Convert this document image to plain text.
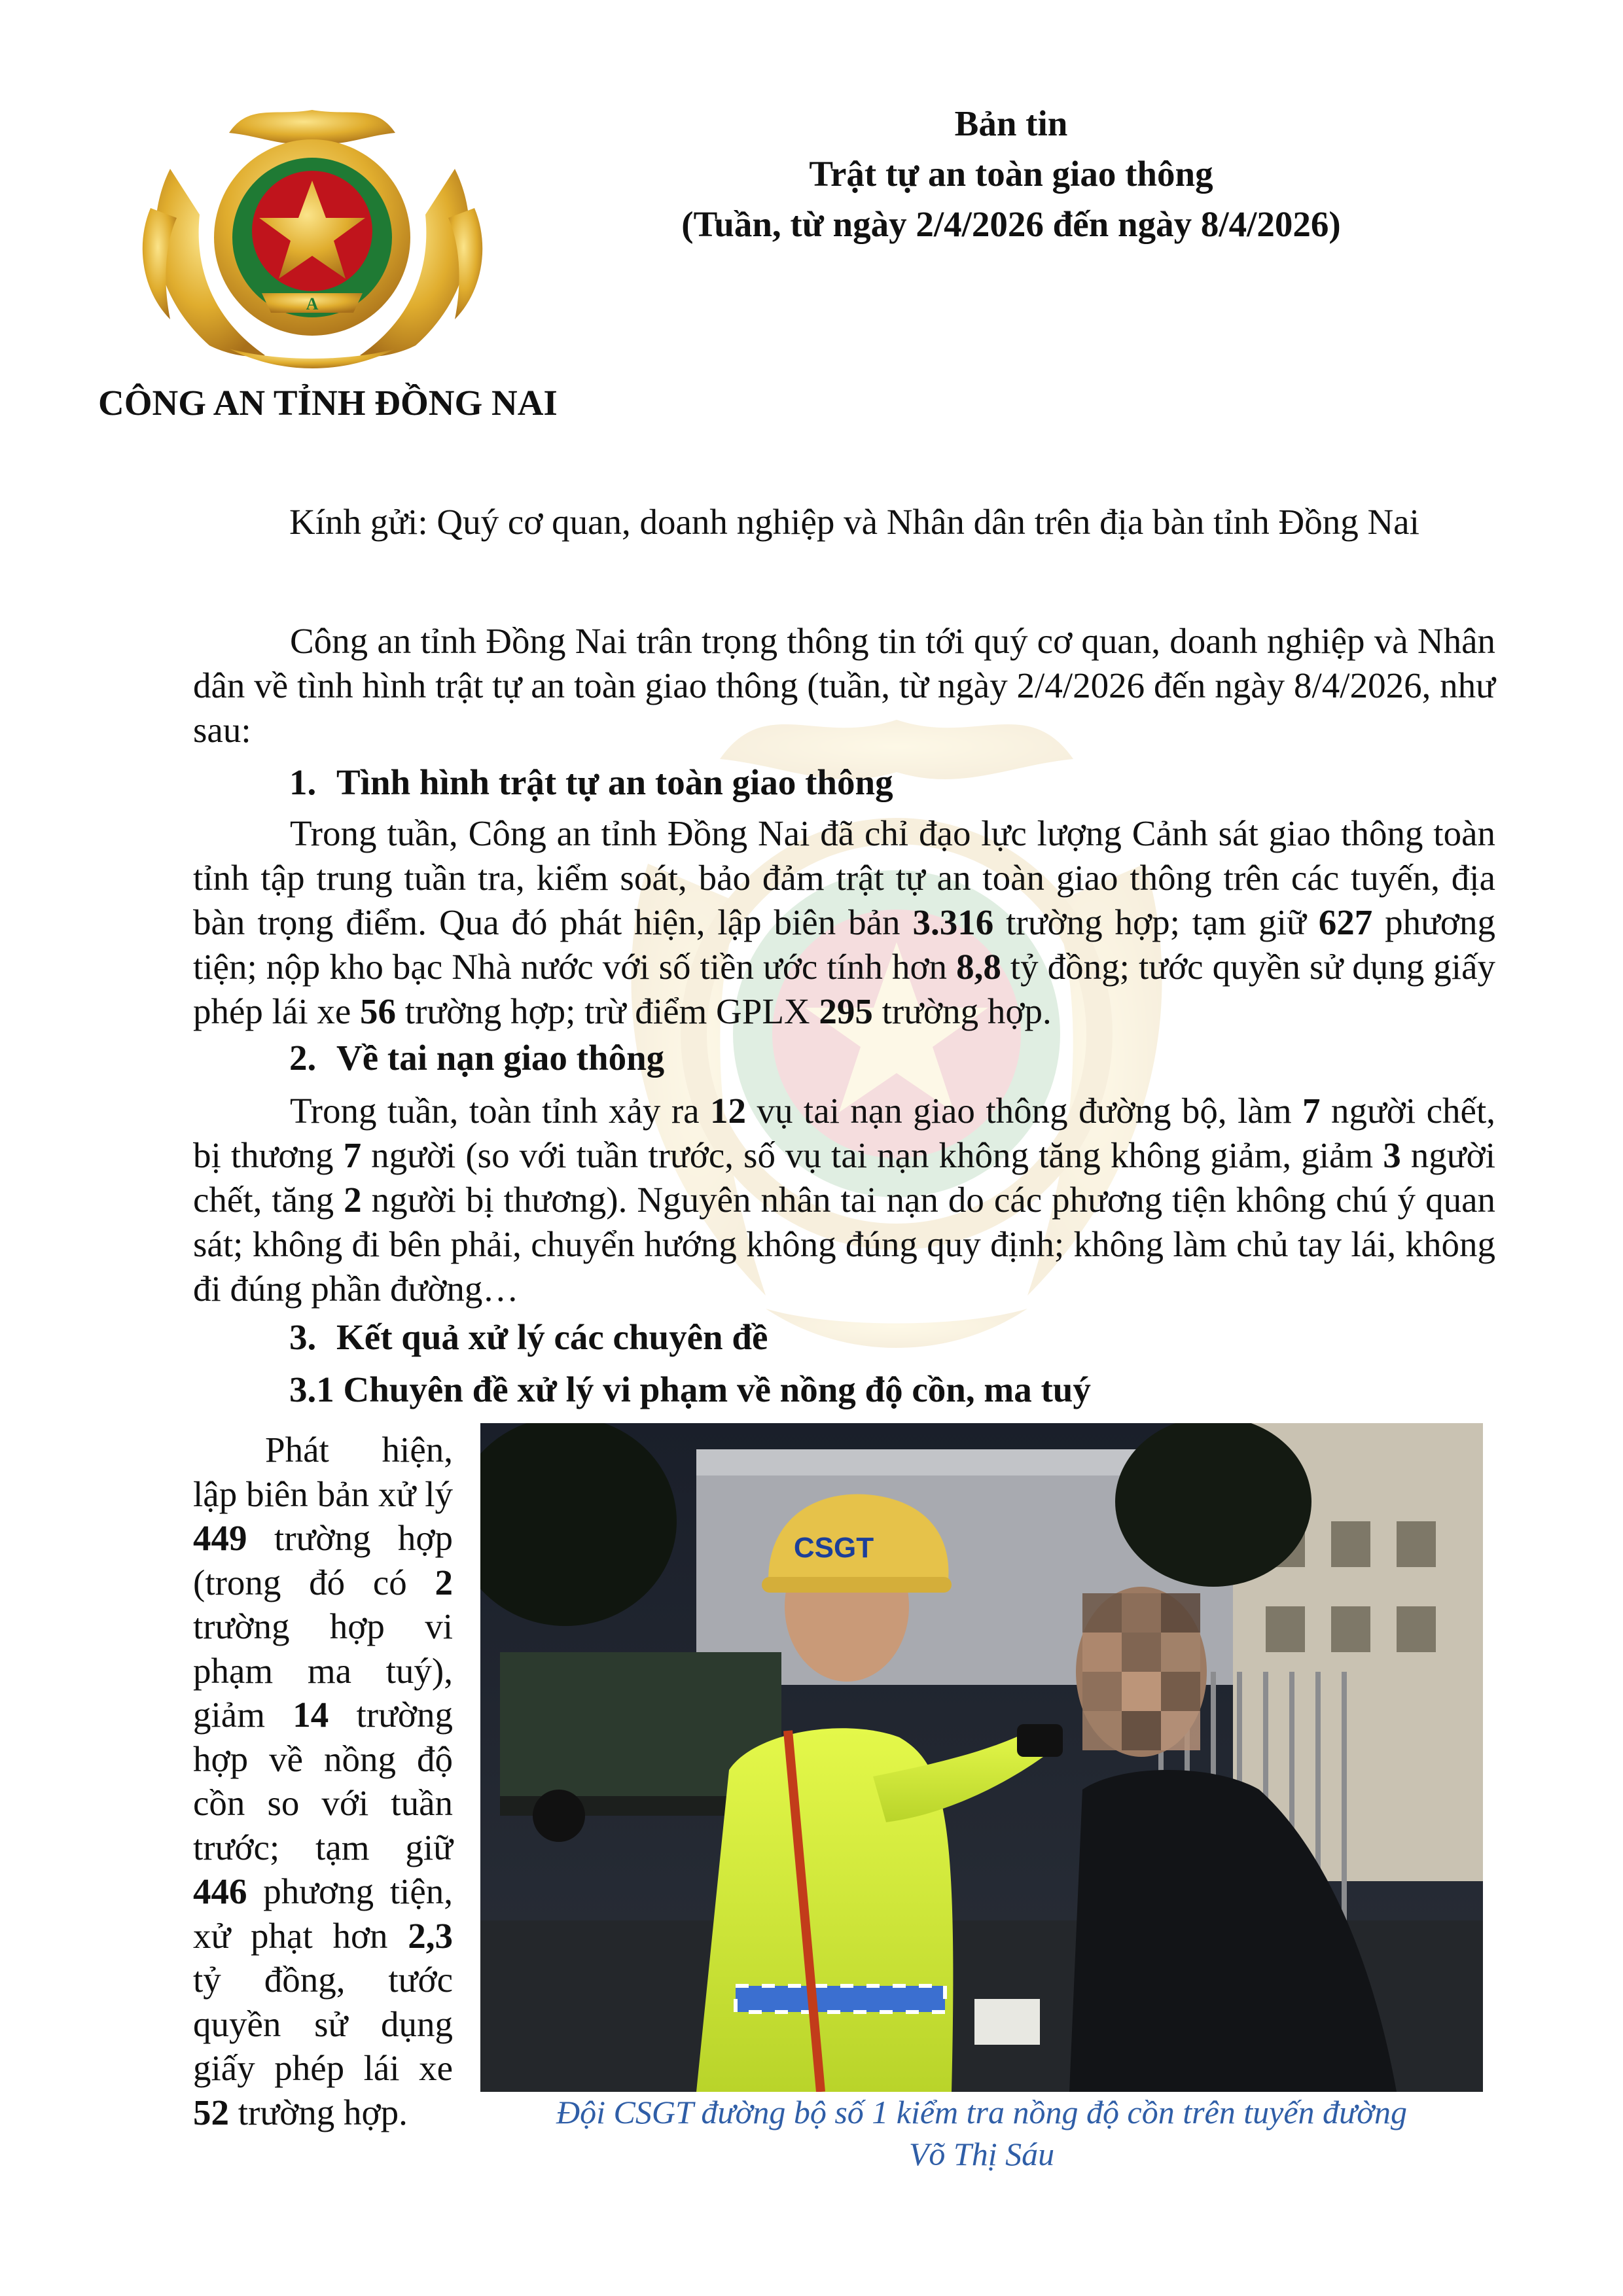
A
CÔNG AN TỈNH ĐỒNG NAI
Bản tin
Trật tự an toàn giao thông
(Tuần, từ ngày 2/4/2026 đến ngày 8/4/2026)
Kính gửi: Quý cơ quan, doanh nghiệp và Nhân dân trên địa bàn tỉnh Đồng Nai

Công an tỉnh Đồng Nai trân trọng thông tin tới quý cơ quan, doanh nghiệp và Nhân dân về tình hình trật tự an toàn giao thông (tuần, từ ngày 2/4/2026 đến ngày 8/4/2026, như sau:

1. Tình hình trật tự an toàn giao thông

Trong tuần, Công an tỉnh Đồng Nai đã chỉ đạo lực lượng Cảnh sát giao thông toàn tỉnh tập trung tuần tra, kiểm soát, bảo đảm trật tự an toàn giao thông trên các tuyến, địa bàn trọng điểm. Qua đó phát hiện, lập biên bản 3.316 trường hợp; tạm giữ 627 phương tiện; nộp kho bạc Nhà nước với số tiền ước tính hơn 8,8 tỷ đồng; tước quyền sử dụng giấy phép lái xe 56 trường hợp; trừ điểm GPLX 295 trường hợp.

2. Về tai nạn giao thông

Trong tuần, toàn tỉnh xảy ra 12 vụ tai nạn giao thông đường bộ, làm 7 người chết, bị thương 7 người (so với tuần trước, số vụ tai nạn không tăng không giảm, giảm 3 người chết, tăng 2 người bị thương). Nguyên nhân tai nạn do các phương tiện không chú ý quan sát; không đi bên phải, chuyển hướng không đúng quy định; không làm chủ tay lái, không đi đúng phần đường…

3. Kết quả xử lý các chuyên đề
3.1 Chuyên đề xử lý vi phạm về nồng độ cồn, ma tuý

Phát hiện, lập biên bản xử lý 449 trường hợp (trong đó có 2 trường hợp vi phạm ma tuý), giảm 14 trường hợp về nồng độ cồn so với tuần trước; tạm giữ 446 phương tiện, xử phạt hơn 2,3 tỷ đồng, tước quyền sử dụng giấy phép lái xe 52 trường hợp.

CSGT
Đội CSGT đường bộ số 1 kiểm tra nồng độ cồn trên tuyến đường
Võ Thị Sáu
